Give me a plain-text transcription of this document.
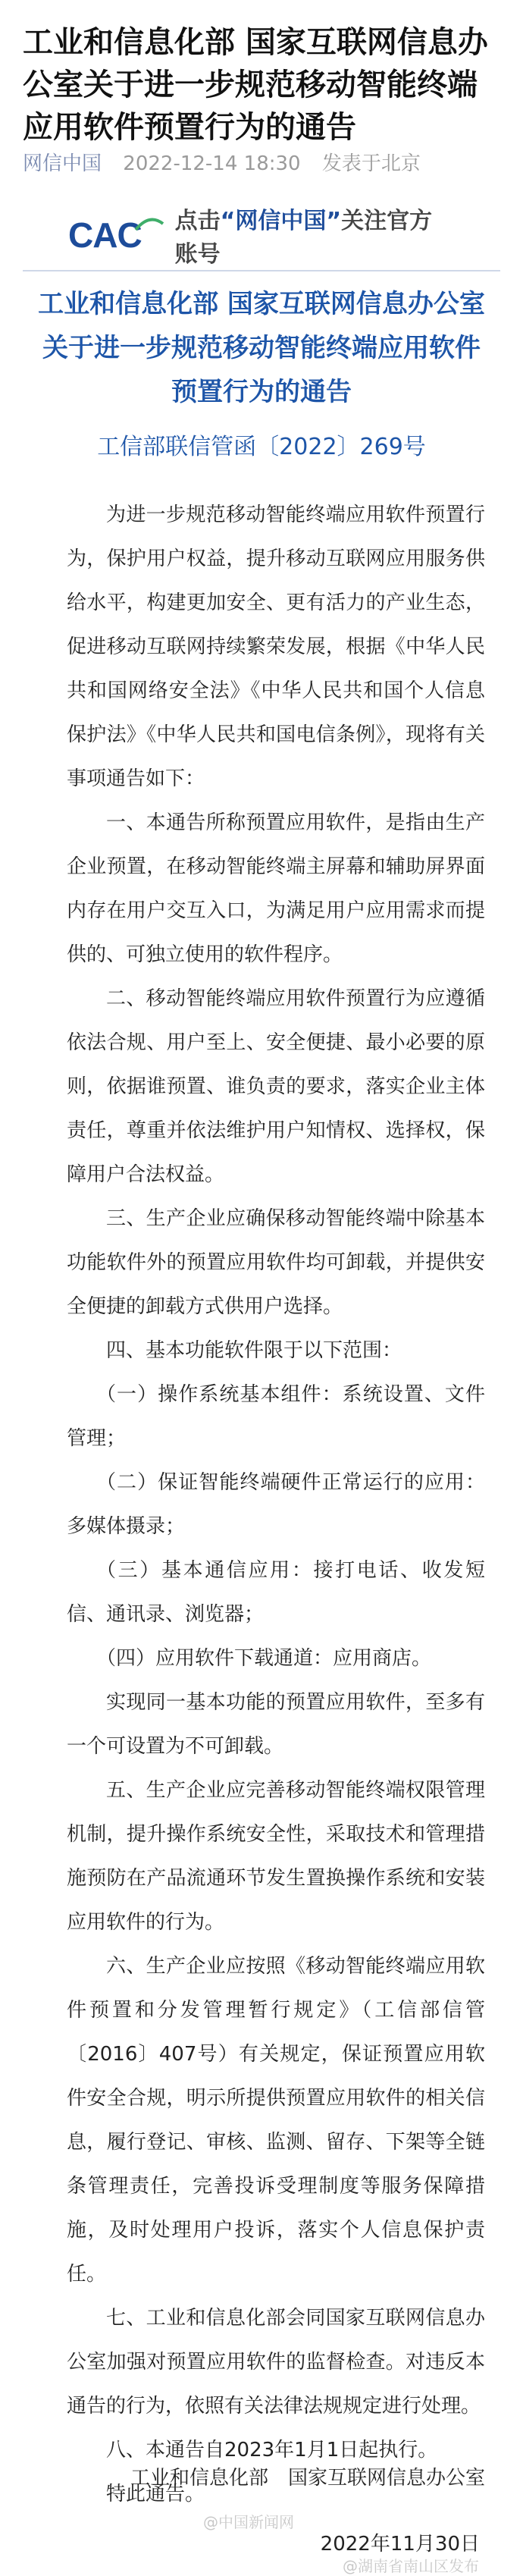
工业和信息化部 国家互联网信息办公室关于进一步规范移动智能终端应用软件预置行为的通告
网信中国 2022-12-14 18:30 发表于北京
CAC 点击“网信中国”关注官方账号
工业和信息化部 国家互联网信息办公室关于进一步规范移动智能终端应用软件预置行为的通告
工信部联信管函〔2022〕269号

为进一步规范移动智能终端应用软件预置行为，保护用户权益，提升移动互联网应用服务供给水平，构建更加安全、更有活力的产业生态，促进移动互联网持续繁荣发展，根据《中华人民共和国网络安全法》《中华人民共和国个人信息保护法》《中华人民共和国电信条例》，现将有关事项通告如下：

一、本通告所称预置应用软件，是指由生产企业预置，在移动智能终端主屏幕和辅助屏界面内存在用户交互入口，为满足用户应用需求而提供的、可独立使用的软件程序。

二、移动智能终端应用软件预置行为应遵循依法合规、用户至上、安全便捷、最小必要的原则，依据谁预置、谁负责的要求，落实企业主体责任，尊重并依法维护用户知情权、选择权，保障用户合法权益。

三、生产企业应确保移动智能终端中除基本功能软件外的预置应用软件均可卸载，并提供安全便捷的卸载方式供用户选择。

四、基本功能软件限于以下范围：

（一）操作系统基本组件：系统设置、文件管理；

（二）保证智能终端硬件正常运行的应用：多媒体摄录；

（三）基本通信应用：接打电话、收发短信、通讯录、浏览器；

（四）应用软件下载通道：应用商店。

实现同一基本功能的预置应用软件，至多有一个可设置为不可卸载。

五、生产企业应完善移动智能终端权限管理机制，提升操作系统安全性，采取技术和管理措施预防在产品流通环节发生置换操作系统和安装应用软件的行为。

六、生产企业应按照《移动智能终端应用软件预置和分发管理暂行规定》（工信部信管〔2016〕407号）有关规定，保证预置应用软件安全合规，明示所提供预置应用软件的相关信息，履行登记、审核、监测、留存、下架等全链条管理责任，完善投诉受理制度等服务保障措施，及时处理用户投诉，落实个人信息保护责任。

七、工业和信息化部会同国家互联网信息办公室加强对预置应用软件的监督检查。对违反本通告的行为，依照有关法律法规规定进行处理。

八、本通告自2023年1月1日起执行。

特此通告。

工业和信息化部　国家互联网信息办公室
@中国新闻网
@湖南省南山区发布
2022年11月30日
